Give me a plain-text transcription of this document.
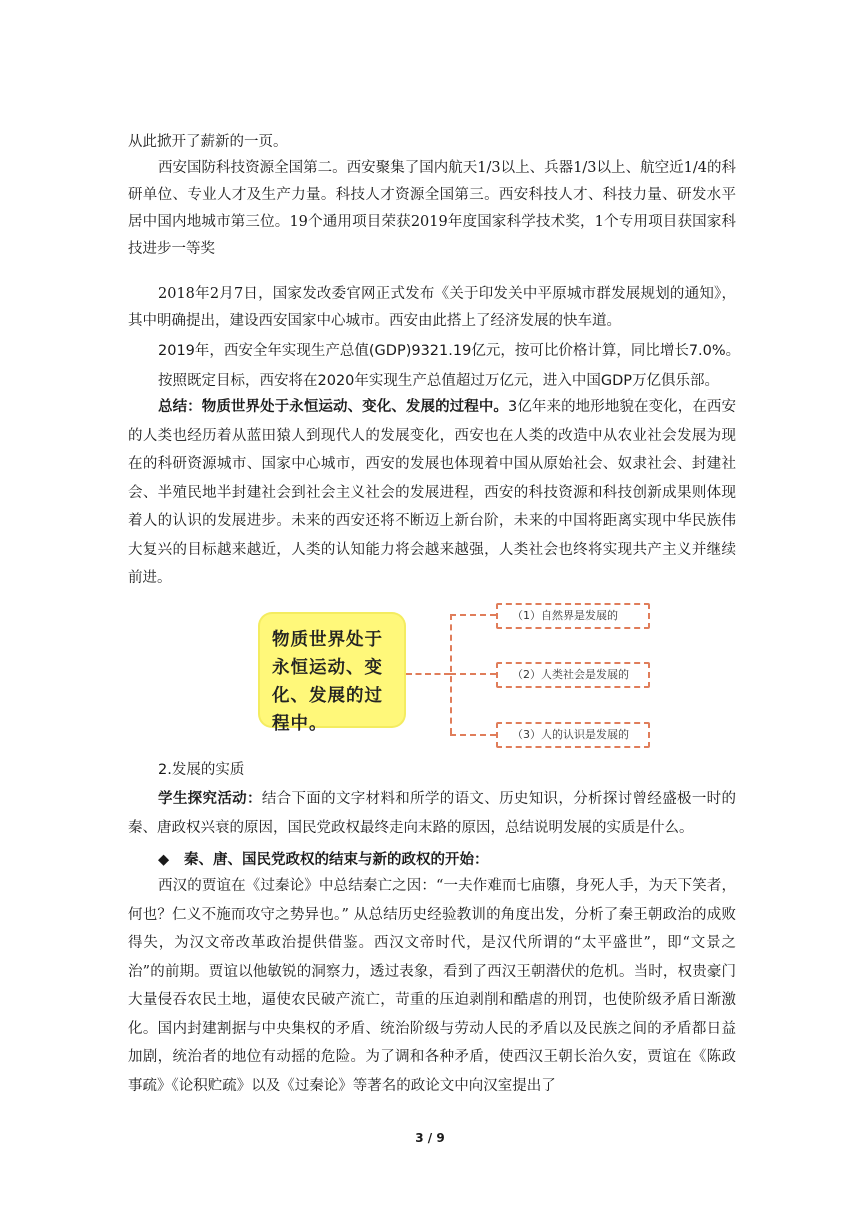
从此掀开了薪新的一页。

西安国防科技资源全国第二。西安聚集了国内航天1/3以上、兵器1/3以上、航空近1/4的科研单位、专业人才及生产力量。科技人才资源全国第三。西安科技人才、科技力量、研发水平居中国内地城市第三位。19个通用项目荣获2019年度国家科学技术奖，1个专用项目获国家科技进步一等奖

2018年2月7日，国家发改委官网正式发布《关于印发关中平原城市群发展规划的通知》，其中明确提出，建设西安国家中心城市。西安由此搭上了经济发展的快车道。

2019年，西安全年实现生产总值(GDP)9321.19亿元，按可比价格计算，同比增长7.0%。
按照既定目标，西安将在2020年实现生产总值超过万亿元，进入中国GDP万亿俱乐部。

总结：物质世界处于永恒运动、变化、发展的过程中。3亿年来的地形地貌在变化，在西安的人类也经历着从蓝田猿人到现代人的发展变化，西安也在人类的改造中从农业社会发展为现在的科研资源城市、国家中心城市，西安的发展也体现着中国从原始社会、奴隶社会、封建社会、半殖民地半封建社会到社会主义社会的发展进程，西安的科技资源和科技创新成果则体现着人的认识的发展进步。未来的西安还将不断迈上新台阶，未来的中国将距离实现中华民族伟大复兴的目标越来越近，人类的认知能力将会越来越强，人类社会也终将实现共产主义并继续前进。

物质世界处于永恒运动、变化、发展的过程中。
（1）自然界是发展的
（2）人类社会是发展的
（3）人的认识是发展的
2.发展的实质

学生探究活动：结合下面的文字材料和所学的语文、历史知识，分析探讨曾经盛极一时的秦、唐政权兴衰的原因，国民党政权最终走向末路的原因，总结说明发展的实质是什么。

◆ 秦、唐、国民党政权的结束与新的政权的开始：

西汉的贾谊在《过秦论》中总结秦亡之因：“一夫作难而七庙隳，身死人手，为天下笑者，何也？仁义不施而攻守之势异也。” 从总结历史经验教训的角度出发，分析了秦王朝政治的成败得失，为汉文帝改革政治提供借鉴。西汉文帝时代，是汉代所谓的“太平盛世”，即“文景之治”的前期。贾谊以他敏锐的洞察力，透过表象，看到了西汉王朝潜伏的危机。当时，权贵豪门大量侵吞农民土地，逼使农民破产流亡，苛重的压迫剥削和酷虐的刑罚，也使阶级矛盾日渐激化。国内封建割据与中央集权的矛盾、统治阶级与劳动人民的矛盾以及民族之间的矛盾都日益加剧，统治者的地位有动摇的危险。为了调和各种矛盾，使西汉王朝长治久安，贾谊在《陈政事疏》《论积贮疏》以及《过秦论》等著名的政论文中向汉室提出了

3 / 9
